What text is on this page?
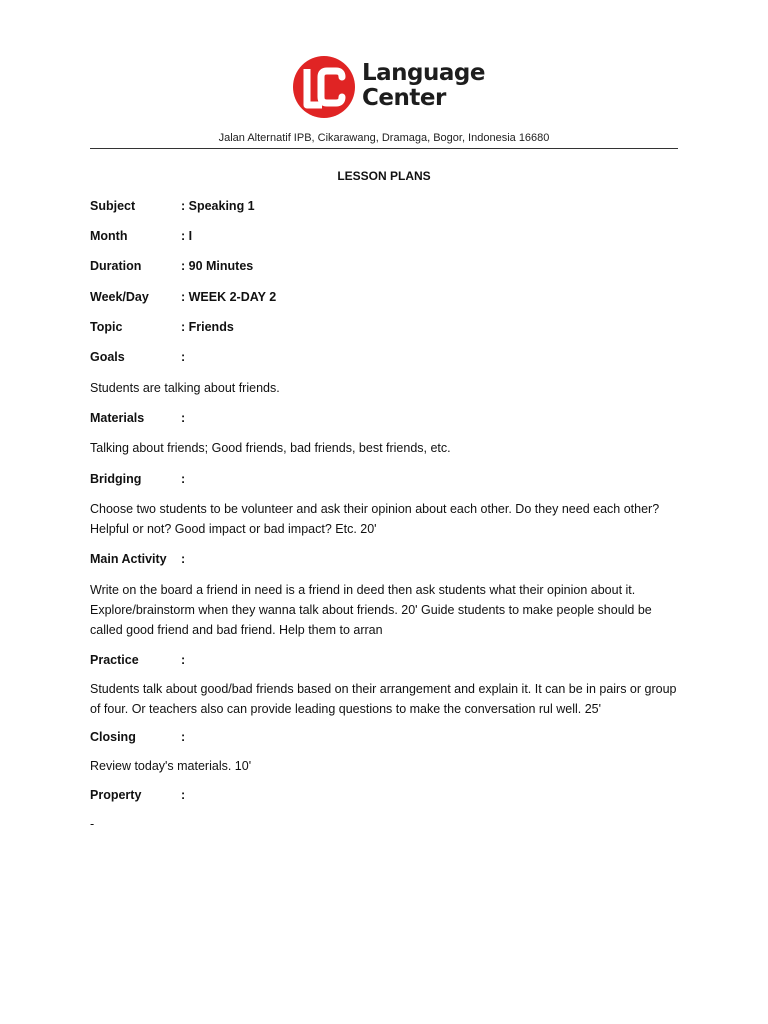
Language
Center
Jalan Alternatif IPB, Cikarawang, Dramaga, Bogor, Indonesia 16680
LESSON PLANS
Subject	: Speaking 1
Month	: I
Duration	: 90 Minutes
Week/Day	: WEEK 2-DAY 2
Topic	: Friends
Goals	:
Students are talking about friends.
Materials	:
Talking about friends; Good friends, bad friends, best friends, etc.
Bridging	:
Choose two students to be volunteer and ask their opinion about each other. Do they need each other? Helpful or not? Good impact or bad impact? Etc. 20'
Main Activity :
Write on the board a friend in need is a friend in deed then ask students what their opinion about it. Explore/brainstorm when they wanna talk about friends. 20' Guide students to make people should be called good friend and bad friend. Help them to arran
Practice	:
Students talk about good/bad friends based on their arrangement and explain it. It can be in pairs or group of four. Or teachers also can provide leading questions to make the conversation rul well. 25'
Closing	:
Review today's materials. 10'
Property	:
-
